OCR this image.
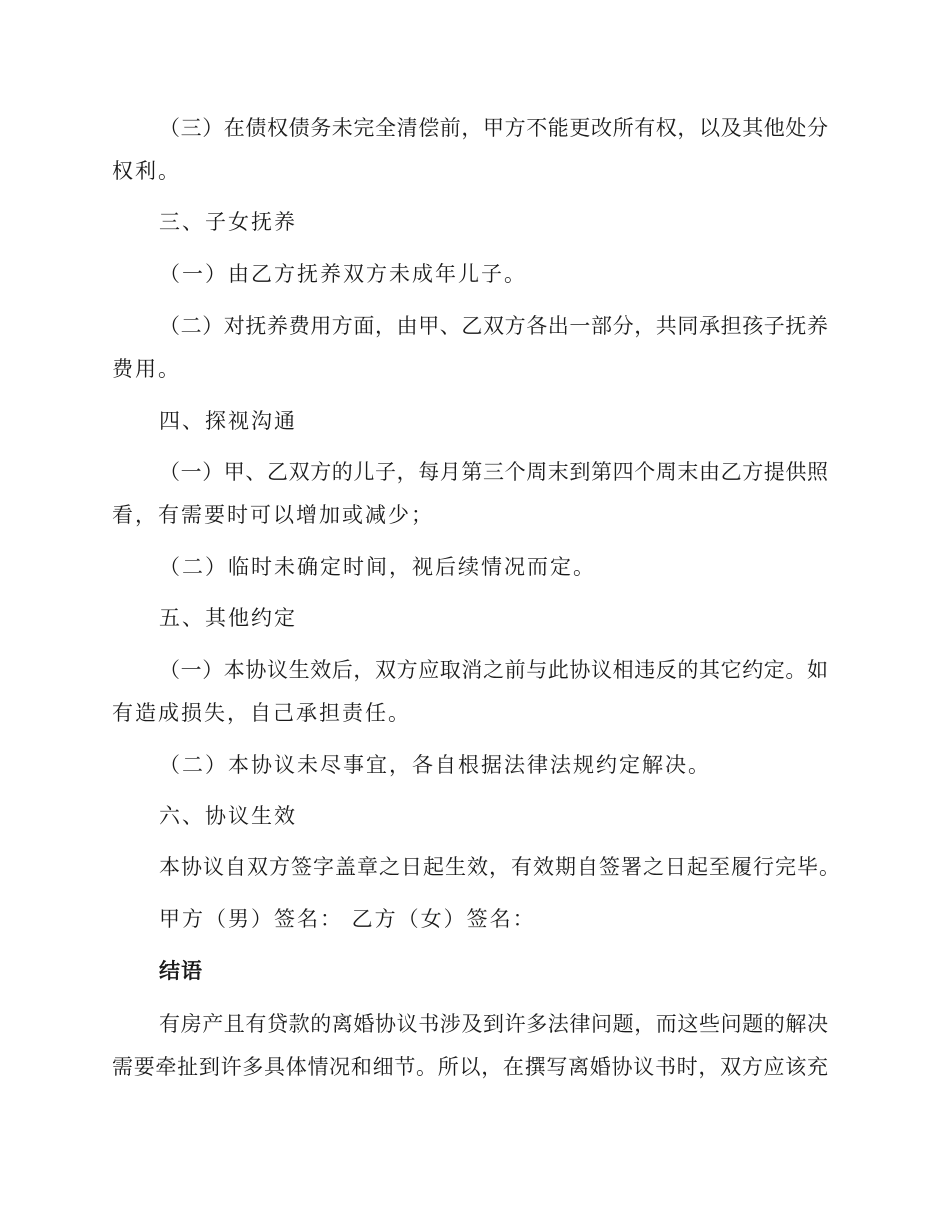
（三）在债权债务未完全清偿前，甲方不能更改所有权，以及其他处分
权利。
三、子女抚养
（一）由乙方抚养双方未成年儿子。
（二）对抚养费用方面，由甲、乙双方各出一部分，共同承担孩子抚养
费用。
四、探视沟通
（一）甲、乙双方的儿子，每月第三个周末到第四个周末由乙方提供照
看，有需要时可以增加或减少；
（二）临时未确定时间，视后续情况而定。
五、其他约定
（一）本协议生效后，双方应取消之前与此协议相违反的其它约定。如
有造成损失，自己承担责任。
（二）本协议未尽事宜，各自根据法律法规约定解决。
六、协议生效
本协议自双方签字盖章之日起生效，有效期自签署之日起至履行完毕。
甲方（男）签名： 乙方（女）签名：
结语
有房产且有贷款的离婚协议书涉及到许多法律问题，而这些问题的解决
需要牵扯到许多具体情况和细节。所以，在撰写离婚协议书时，双方应该充
